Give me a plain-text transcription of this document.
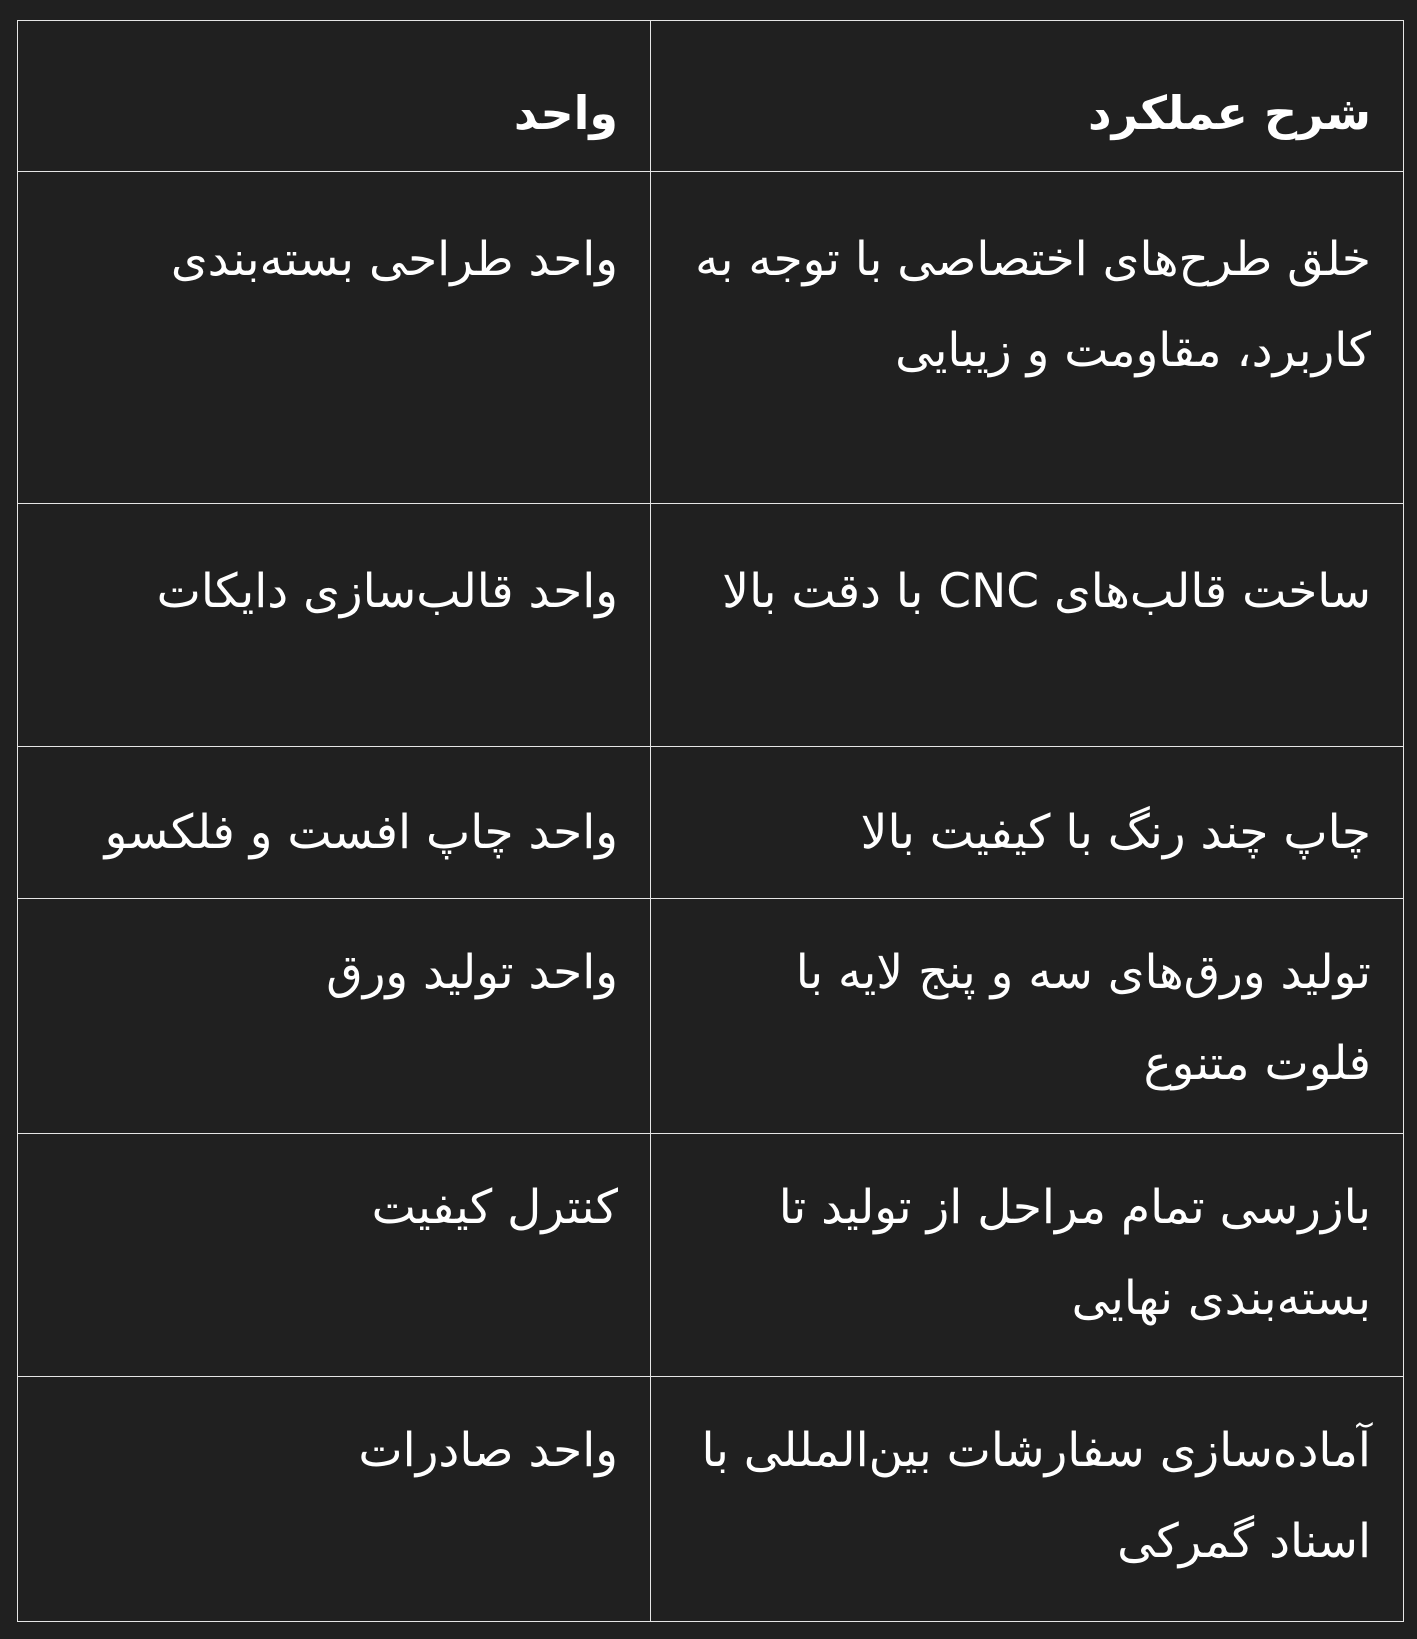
شرح عملکرد	واحد
خلق طرح‌های اختصاصی با توجه به کاربرد، مقاومت و زیبایی	واحد طراحی بسته‌بندی
ساخت قالب‌های CNC با دقت بالا	واحد قالب‌سازی دایکات
چاپ چند رنگ با کیفیت بالا	واحد چاپ افست و فلکسو
تولید ورق‌های سه و پنج لایه با فلوت متنوع	واحد تولید ورق
بازرسی تمام مراحل از تولید تا بسته‌بندی نهایی	کنترل کیفیت
آماده‌سازی سفارشات بین‌المللی با اسناد گمرکی	واحد صادرات
